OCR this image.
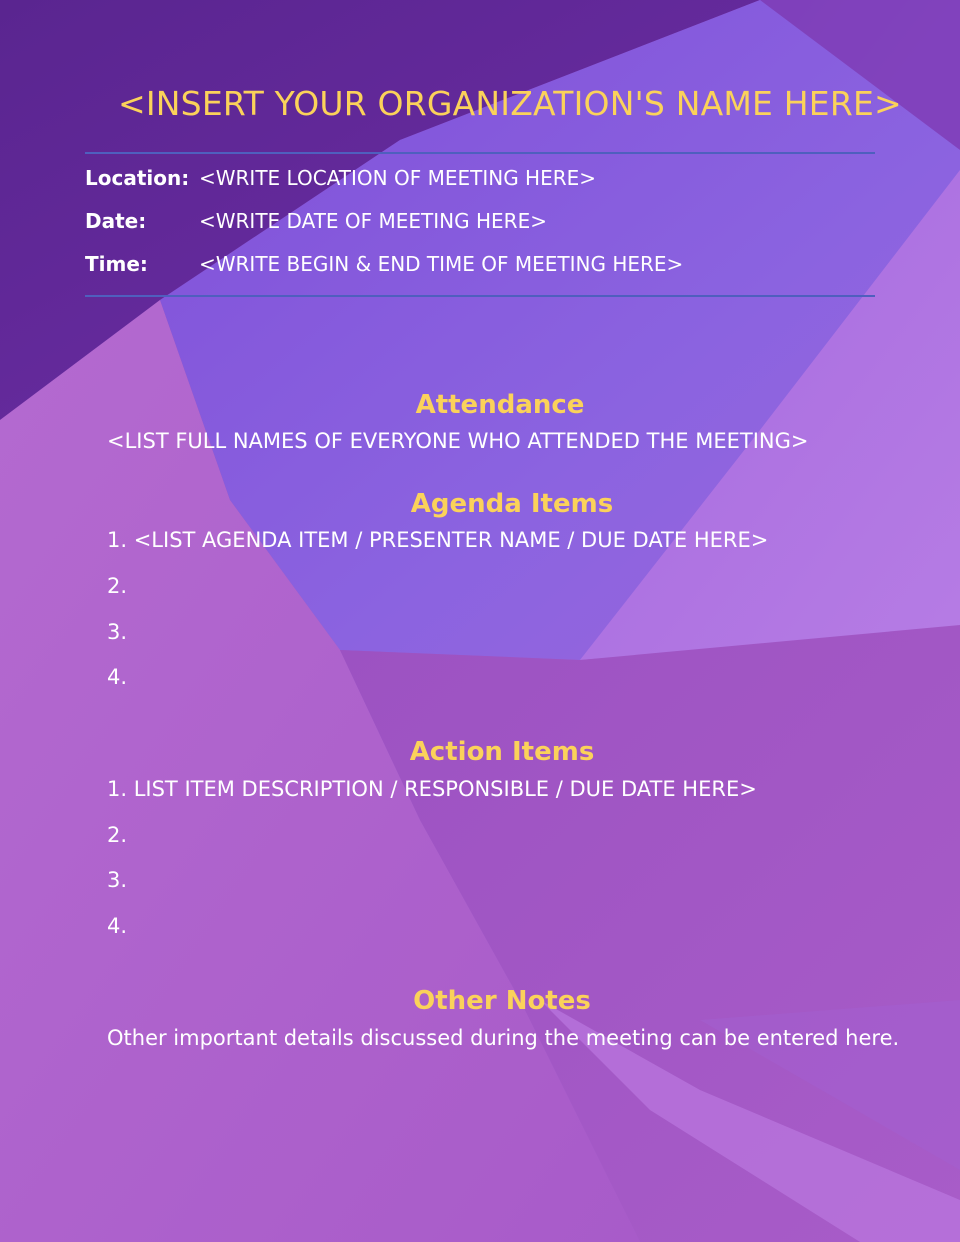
<INSERT YOUR ORGANIZATION'S NAME HERE>
Location: <WRITE LOCATION OF MEETING HERE>
Date:	<WRITE DATE OF MEETING HERE>
Time:	<WRITE BEGIN & END TIME OF MEETING HERE>
Attendance
<LIST FULL NAMES OF EVERYONE WHO ATTENDED THE MEETING>
Agenda Items
1. <LIST AGENDA ITEM / PRESENTER NAME / DUE DATE HERE>
2.
3.
4.
Action Items
1. LIST ITEM DESCRIPTION / RESPONSIBLE / DUE DATE HERE>
2.
3.
4.
Other Notes
Other important details discussed during the meeting can be entered here.
